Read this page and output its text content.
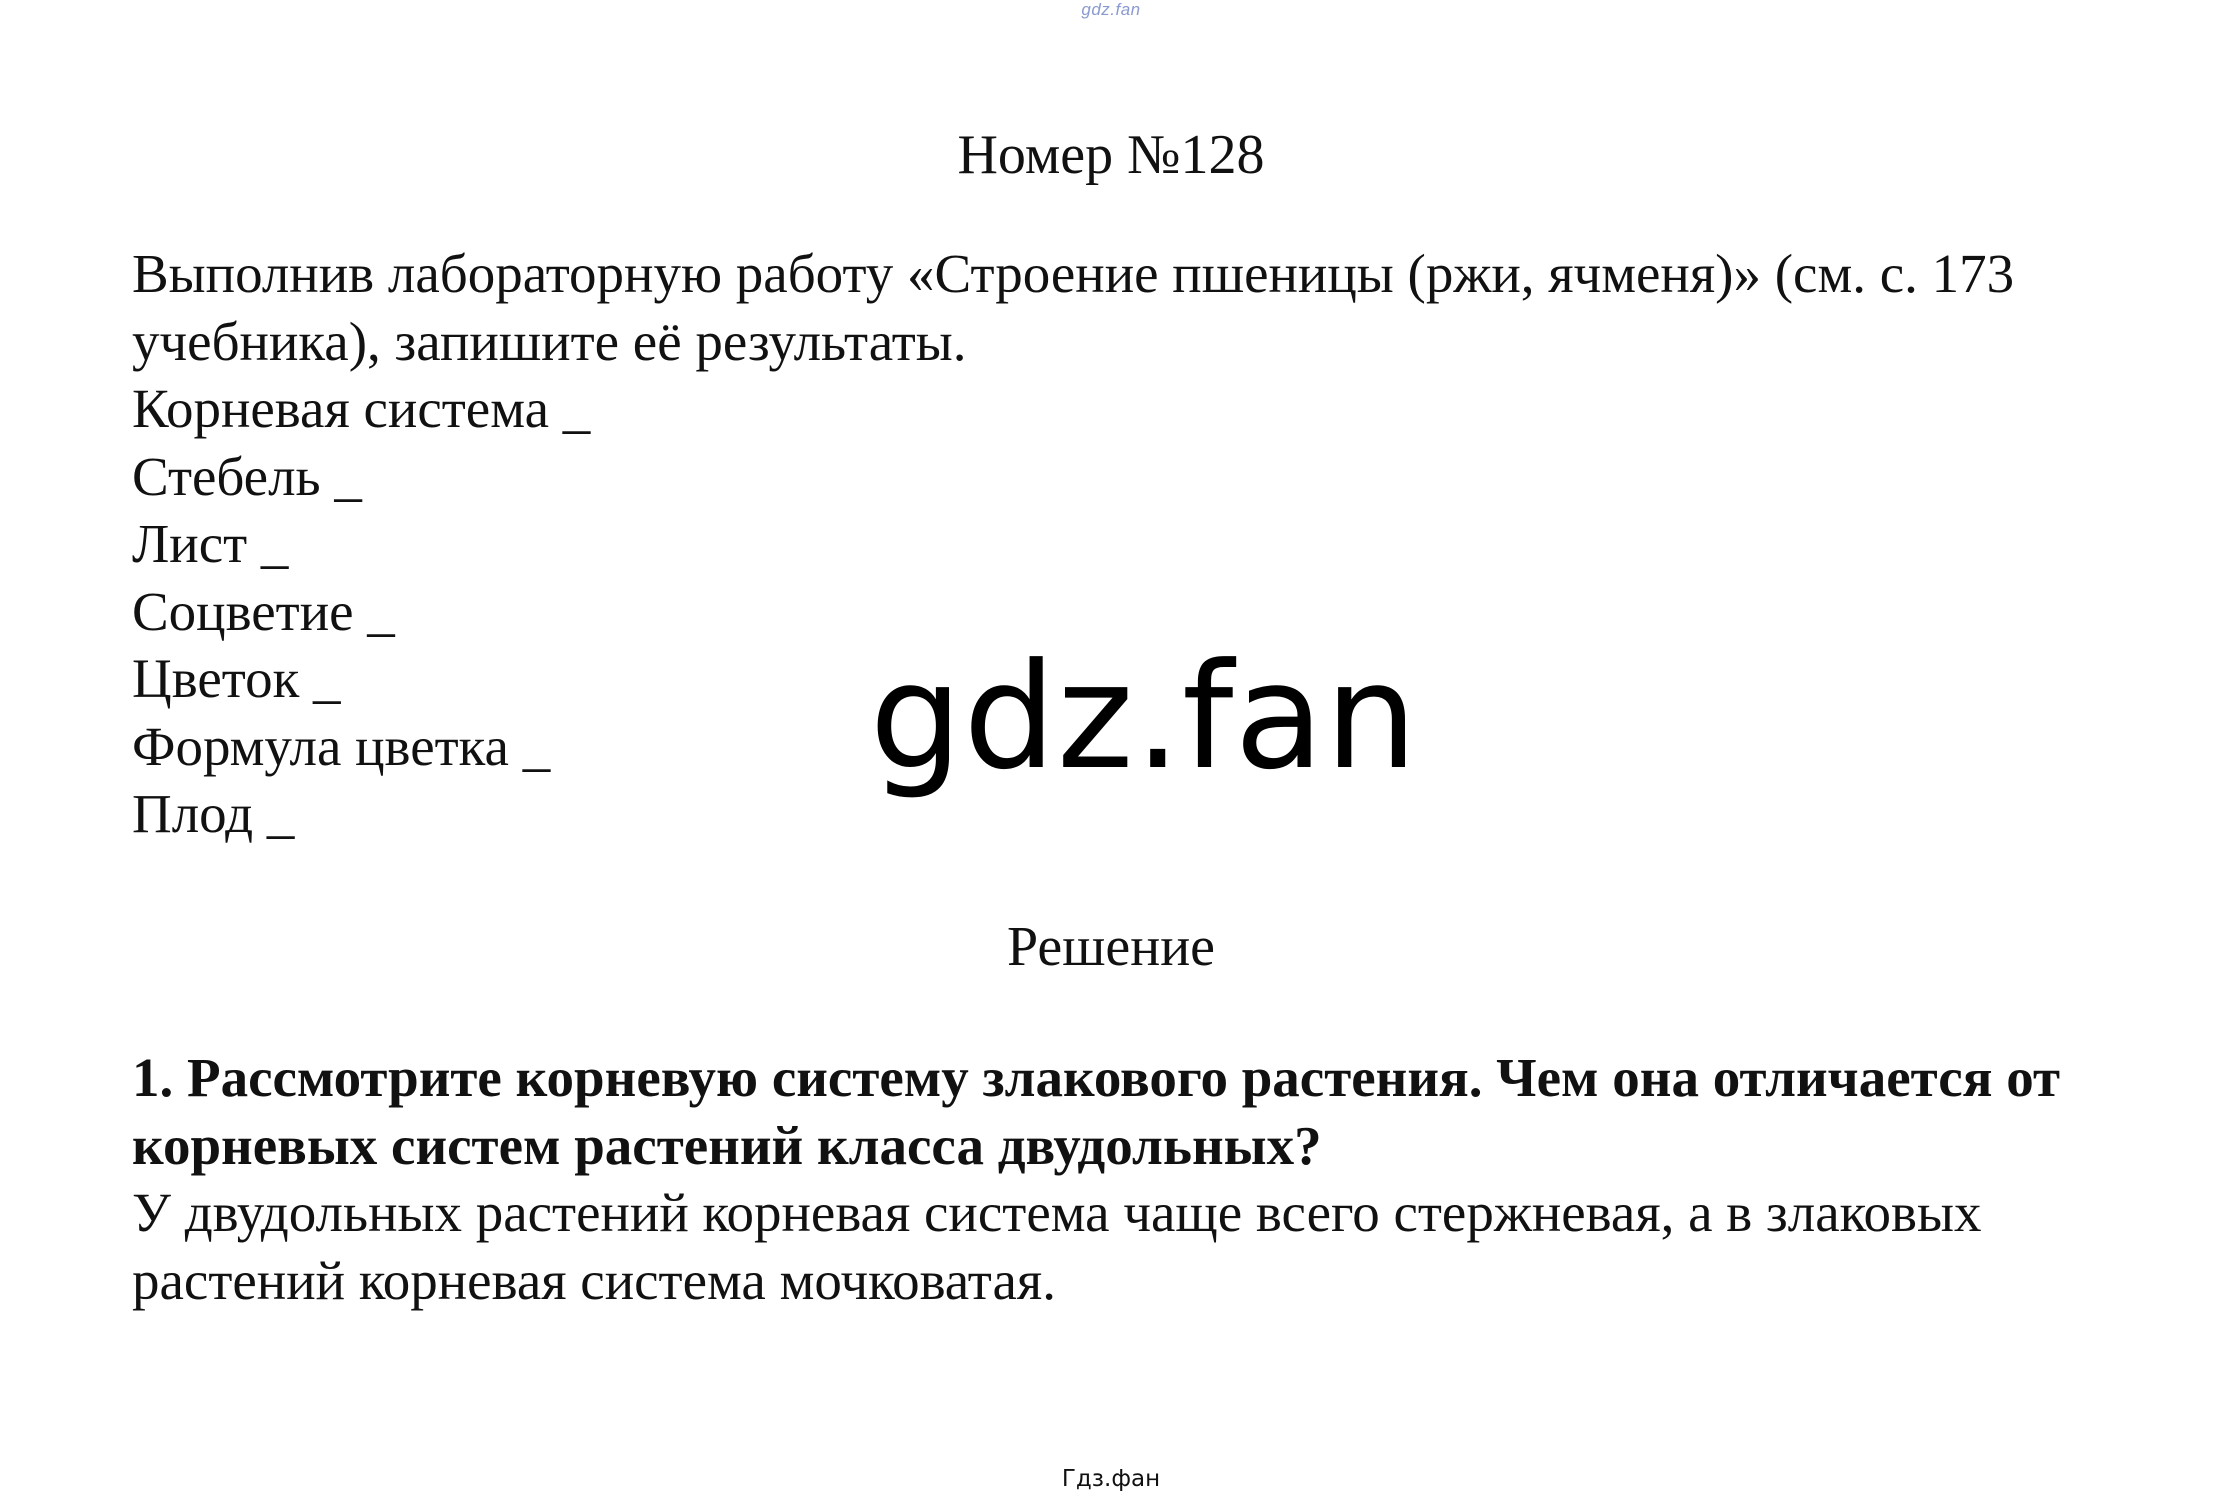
gdz.fan
Номер №128

Выполнив лабораторную работу «Строение пшеницы (ржи, ячменя)» (см. с. 173 учебника), запишите её результаты.

Корневая система _
Стебель _
Лист _
Соцветие _
Цветок _
Формула цветка _
Плод _
gdz.fan
Решение

1. Рассмотрите корневую систему злакового растения. Чем она отличается от корневых систем растений класса двудольных?

У двудольных растений корневая система чаще всего стержневая, а в злаковых растений корневая система мочковатая.

Гдз.фан
